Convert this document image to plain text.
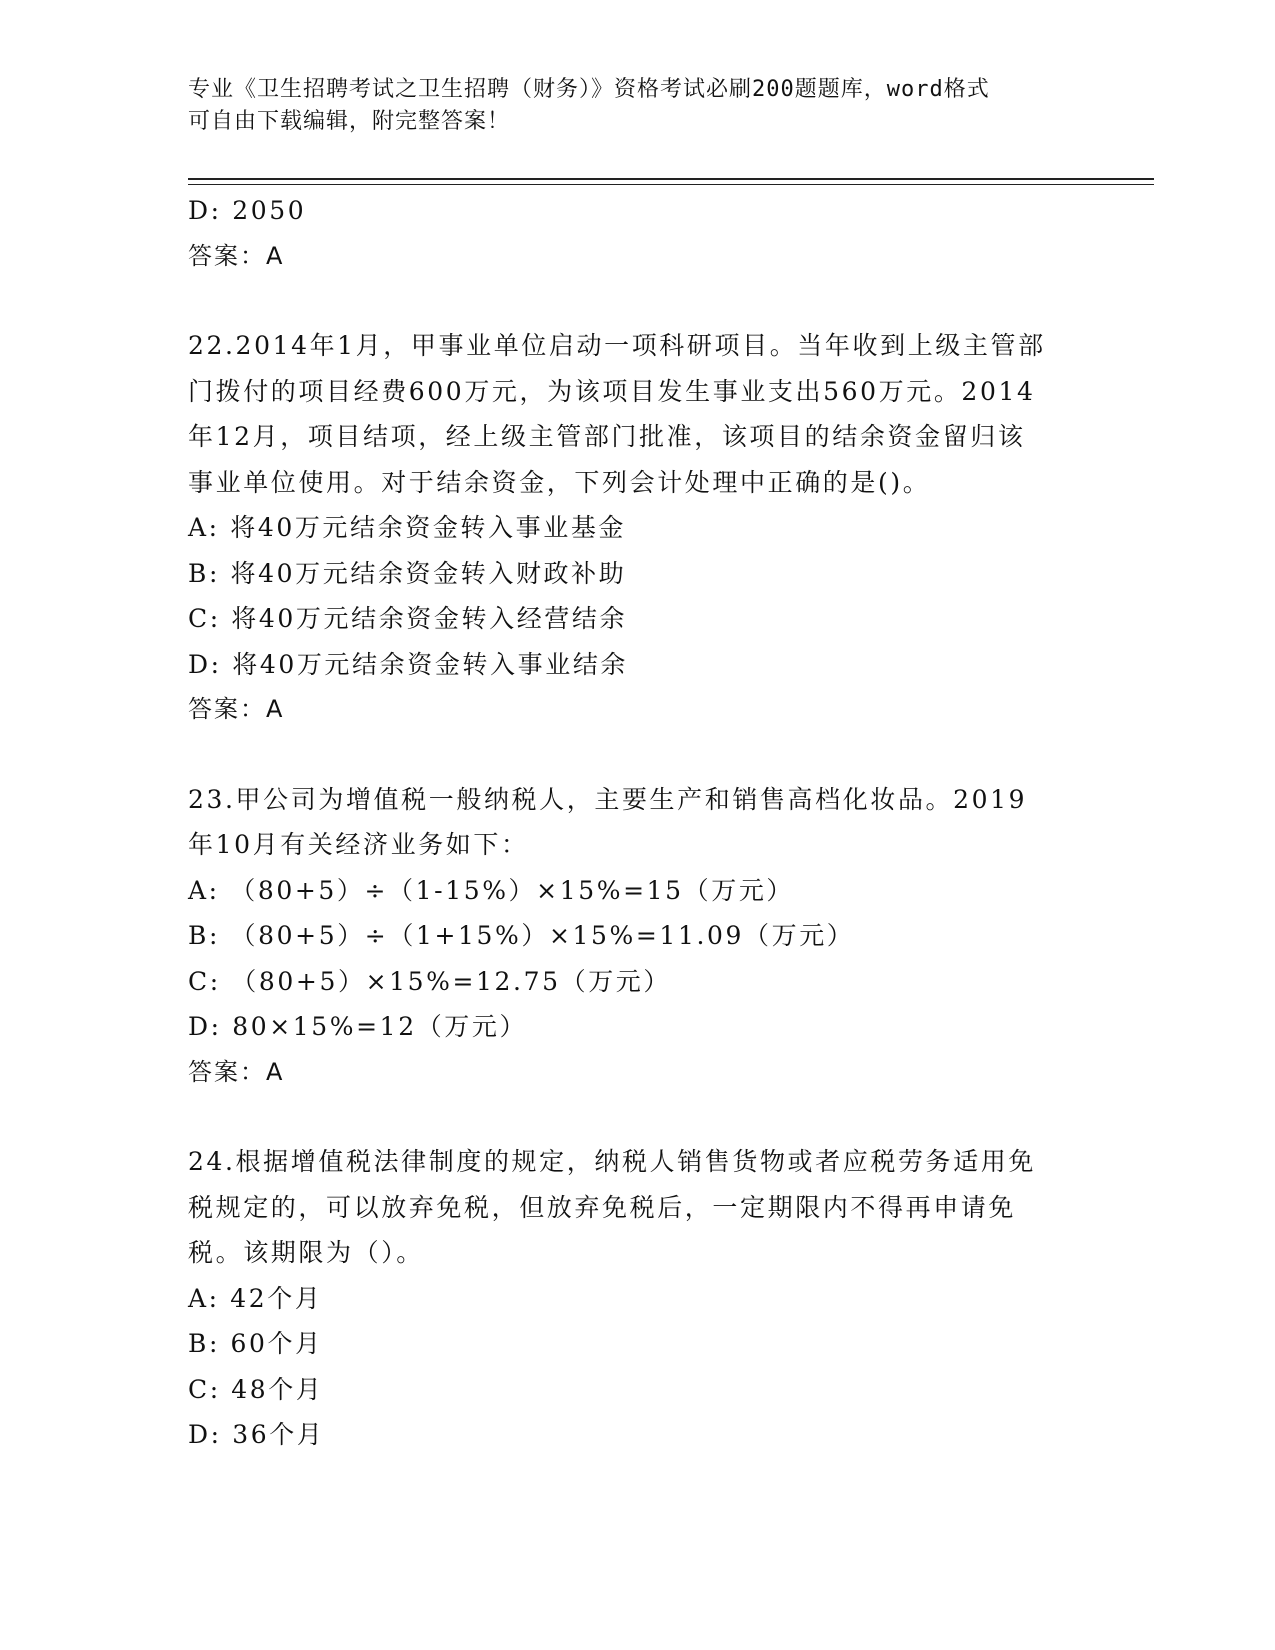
专业《卫生招聘考试之卫生招聘（财务）》资格考试必刷200题题库，word格式
可自由下载编辑，附完整答案！
D: 2050
答案：A
22.2014年1月，甲事业单位启动一项科研项目。当年收到上级主管部
门拨付的项目经费600万元，为该项目发生事业支出560万元。2014
年12月，项目结项，经上级主管部门批准，该项目的结余资金留归该
事业单位使用。对于结余资金，下列会计处理中正确的是()。
A: 将40万元结余资金转入事业基金
B: 将40万元结余资金转入财政补助
C: 将40万元结余资金转入经营结余
D: 将40万元结余资金转入事业结余
答案：A
23.甲公司为增值税一般纳税人，主要生产和销售高档化妆品。2019
年10月有关经济业务如下：
A: （80+5）÷（1-15%）×15%=15（万元）
B: （80+5）÷（1+15%）×15%=11.09（万元）
C: （80+5）×15%=12.75（万元）
D: 80×15%=12（万元）
答案：A
24.根据增值税法律制度的规定，纳税人销售货物或者应税劳务适用免
税规定的，可以放弃免税，但放弃免税后，一定期限内不得再申请免
税。该期限为（）。
A: 42个月
B: 60个月
C: 48个月
D: 36个月
